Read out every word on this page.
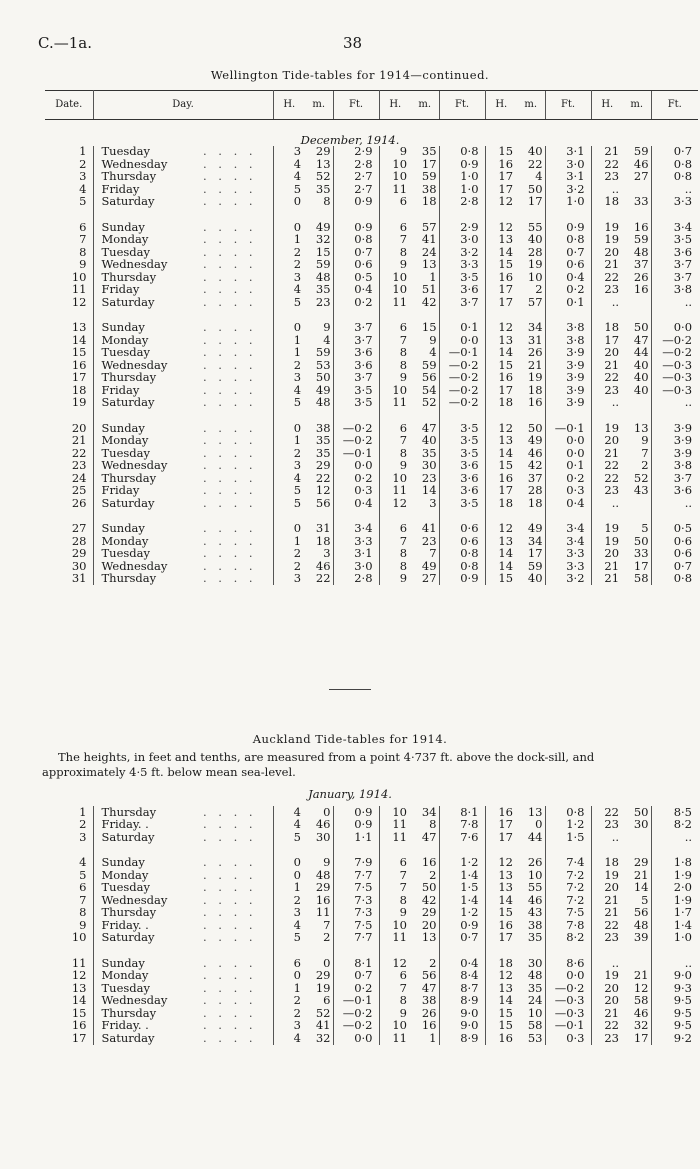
C.—1a.	38
Wellington Tide-tables for 1914—continued.
Date.	Day.		H.	m.	Ft.	H.	m.	Ft.	H.	m.	Ft.	H.	m.	Ft.

1	Tuesday	. . . .	3	29	2·9	9	35	0·8	15	40	3·1	21	59	0·7
2	Wednesday	. . . .	4	13	2·8	10	17	0·9	16	22	3·0	22	46	0·8
3	Thursday	. . . .	4	52	2·7	10	59	1·0	17	4	3·1	23	27	0·8
4	Friday	. . . .	5	35	2·7	11	38	1·0	17	50	3·2	..		..
5	Saturday	. . . .	0	8	0·9	6	18	2·8	12	17	1·0	18	33	3·3

6	Sunday	. . . .	0	49	0·9	6	57	2·9	12	55	0·9	19	16	3·4
7	Monday	. . . .	1	32	0·8	7	41	3·0	13	40	0·8	19	59	3·5
8	Tuesday	. . . .	2	15	0·7	8	24	3·2	14	28	0·7	20	48	3·6
9	Wednesday	. . . .	2	59	0·6	9	13	3·3	15	19	0·6	21	37	3·7
10	Thursday	. . . .	3	48	0·5	10	1	3·5	16	10	0·4	22	26	3·7
11	Friday	. . . .	4	35	0·4	10	51	3·6	17	2	0·2	23	16	3·8
12	Saturday	. . . .	5	23	0·2	11	42	3·7	17	57	0·1	..		..

13	Sunday	. . . .	0	9	3·7	6	15	0·1	12	34	3·8	18	50	0·0
14	Monday	. . . .	1	4	3·7	7	9	0·0	13	31	3·8	17	47	—0·2
15	Tuesday	. . . .	1	59	3·6	8	4	—0·1	14	26	3·9	20	44	—0·2
16	Wednesday	. . . .	2	53	3·6	8	59	—0·2	15	21	3·9	21	40	—0·3
17	Thursday	. . . .	3	50	3·7	9	56	—0·2	16	19	3·9	22	40	—0·3
18	Friday	. . . .	4	49	3·5	10	54	—0·2	17	18	3·9	23	40	—0·3
19	Saturday	. . . .	5	48	3·5	11	52	—0·2	18	16	3·9	..		..

20	Sunday	. . . .	0	38	—0·2	6	47	3·5	12	50	—0·1	19	13	3·9
21	Monday	. . . .	1	35	—0·2	7	40	3·5	13	49	0·0	20	9	3·9
22	Tuesday	. . . .	2	35	—0·1	8	35	3·5	14	46	0·0	21	7	3·9
23	Wednesday	. . . .	3	29	0·0	9	30	3·6	15	42	0·1	22	2	3·8
24	Thursday	. . . .	4	22	0·2	10	23	3·6	16	37	0·2	22	52	3·7
25	Friday	. . . .	5	12	0·3	11	14	3·6	17	28	0·3	23	43	3·6
26	Saturday	. . . .	5	56	0·4	12	3	3·5	18	18	0·4	..		..

27	Sunday	. . . .	0	31	3·4	6	41	0·6	12	49	3·4	19	5	0·5
28	Monday	. . . .	1	18	3·3	7	23	0·6	13	34	3·4	19	50	0·6
29	Tuesday	. . . .	2	3	3·1	8	7	0·8	14	17	3·3	20	33	0·6
30	Wednesday	. . . .	2	46	3·0	8	49	0·8	14	59	3·3	21	17	0·7
31	Thursday	. . . .	3	22	2·8	9	27	0·9	15	40	3·2	21	58	0·8
December, 1914.
Auckland Tide-tables for 1914.
The heights, in feet and tenths, are measured from a point 4·737 ft. above the dock-sill, and approximately 4·5 ft. below mean sea-level.
January, 1914.
1	Thursday	. . . .	4	0	0·9	10	34	8·1	16	13	0·8	22	50	8·5
2	Friday. .	. . . .	4	46	0·9	11	8	7·8	17	0	1·2	23	30	8·2
3	Saturday	. . . .	5	30	1·1	11	47	7·6	17	44	1·5	..		..

4	Sunday	. . . .	0	9	7·9	6	16	1·2	12	26	7·4	18	29	1·8
5	Monday	. . . .	0	48	7·7	7	2	1·4	13	10	7·2	19	21	1·9
6	Tuesday	. . . .	1	29	7·5	7	50	1·5	13	55	7·2	20	14	2·0
7	Wednesday	. . . .	2	16	7·3	8	42	1·4	14	46	7·2	21	5	1·9
8	Thursday	. . . .	3	11	7·3	9	29	1·2	15	43	7·5	21	56	1·7
9	Friday. .	. . . .	4	7	7·5	10	20	0·9	16	38	7·8	22	48	1·4
10	Saturday	. . . .	5	2	7·7	11	13	0·7	17	35	8·2	23	39	1·0

11	Sunday	. . . .	6	0	8·1	12	2	0·4	18	30	8·6	..		..
12	Monday	. . . .	0	29	0·7	6	56	8·4	12	48	0·0	19	21	9·0
13	Tuesday	. . . .	1	19	0·2	7	47	8·7	13	35	—0·2	20	12	9·3
14	Wednesday	. . . .	2	6	—0·1	8	38	8·9	14	24	—0·3	20	58	9·5
15	Thursday	. . . .	2	52	—0·2	9	26	9·0	15	10	—0·3	21	46	9·5
16	Friday. .	. . . .	3	41	—0·2	10	16	9·0	15	58	—0·1	22	32	9·5
17	Saturday	. . . .	4	32	0·0	11	1	8·9	16	53	0·3	23	17	9·2
